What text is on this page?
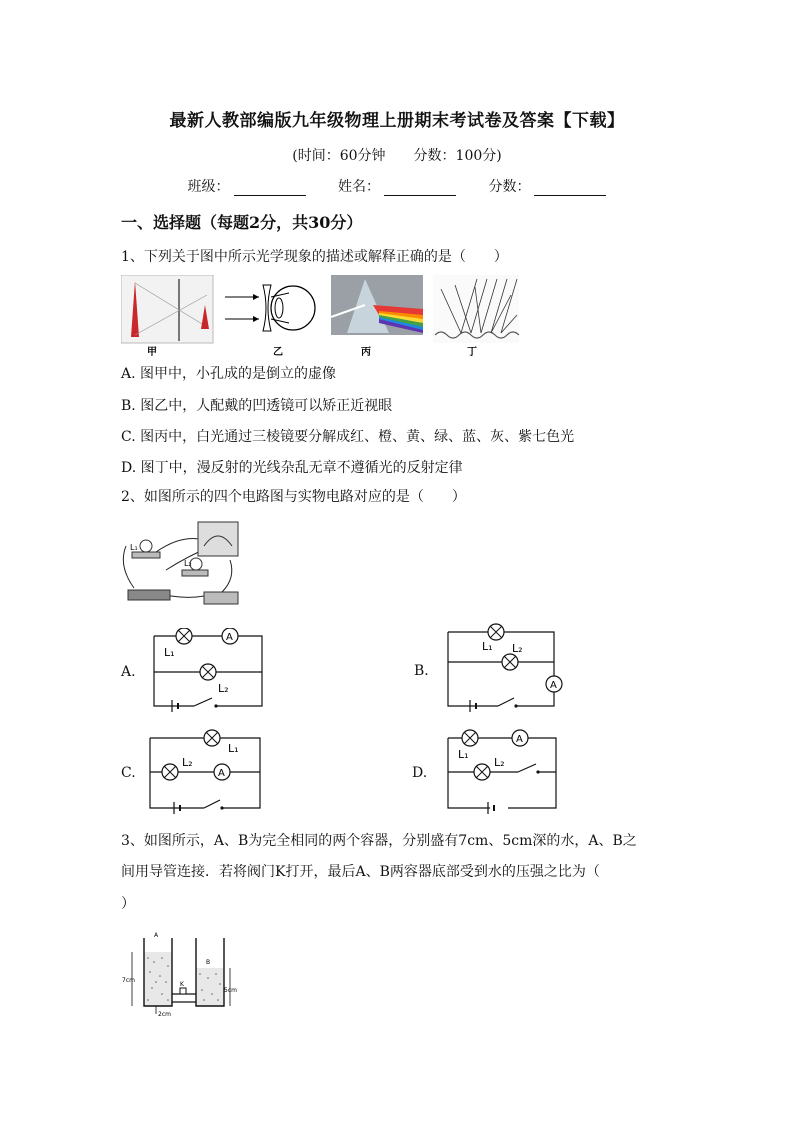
最新人教部编版九年级物理上册期末考试卷及答案【下载】
(时间：60分钟 分数：100分)
班级：	姓名：	分数：
一、选择题（每题2分，共30分）
1、下列关于图中所示光学现象的描述或解释正确的是（　　）
甲	乙	丙	丁
A. 图甲中，小孔成的是倒立的虚像
B. 图乙中，人配戴的凹透镜可以矫正近视眼
C. 图丙中，白光通过三棱镜要分解成红、橙、黄、绿、蓝、灰、紫七色光
D. 图丁中，漫反射的光线杂乱无章不遵循光的反射定律
2、如图所示的四个电路图与实物电路对应的是（　　）
L₁
L₂
A.
A
L₁
L₂
B.
A
L₁ L₂
C.	A
L₁
L₂
D.
A
L₁
L₂
3、如图所示，A、B为完全相同的两个容器，分别盛有7cm、5cm深的水，A、B之
间用导管连接．若将阀门K打开，最后A、B两容器底部受到水的压强之比为（
）
A
B
K
7cm
5cm
2cm
